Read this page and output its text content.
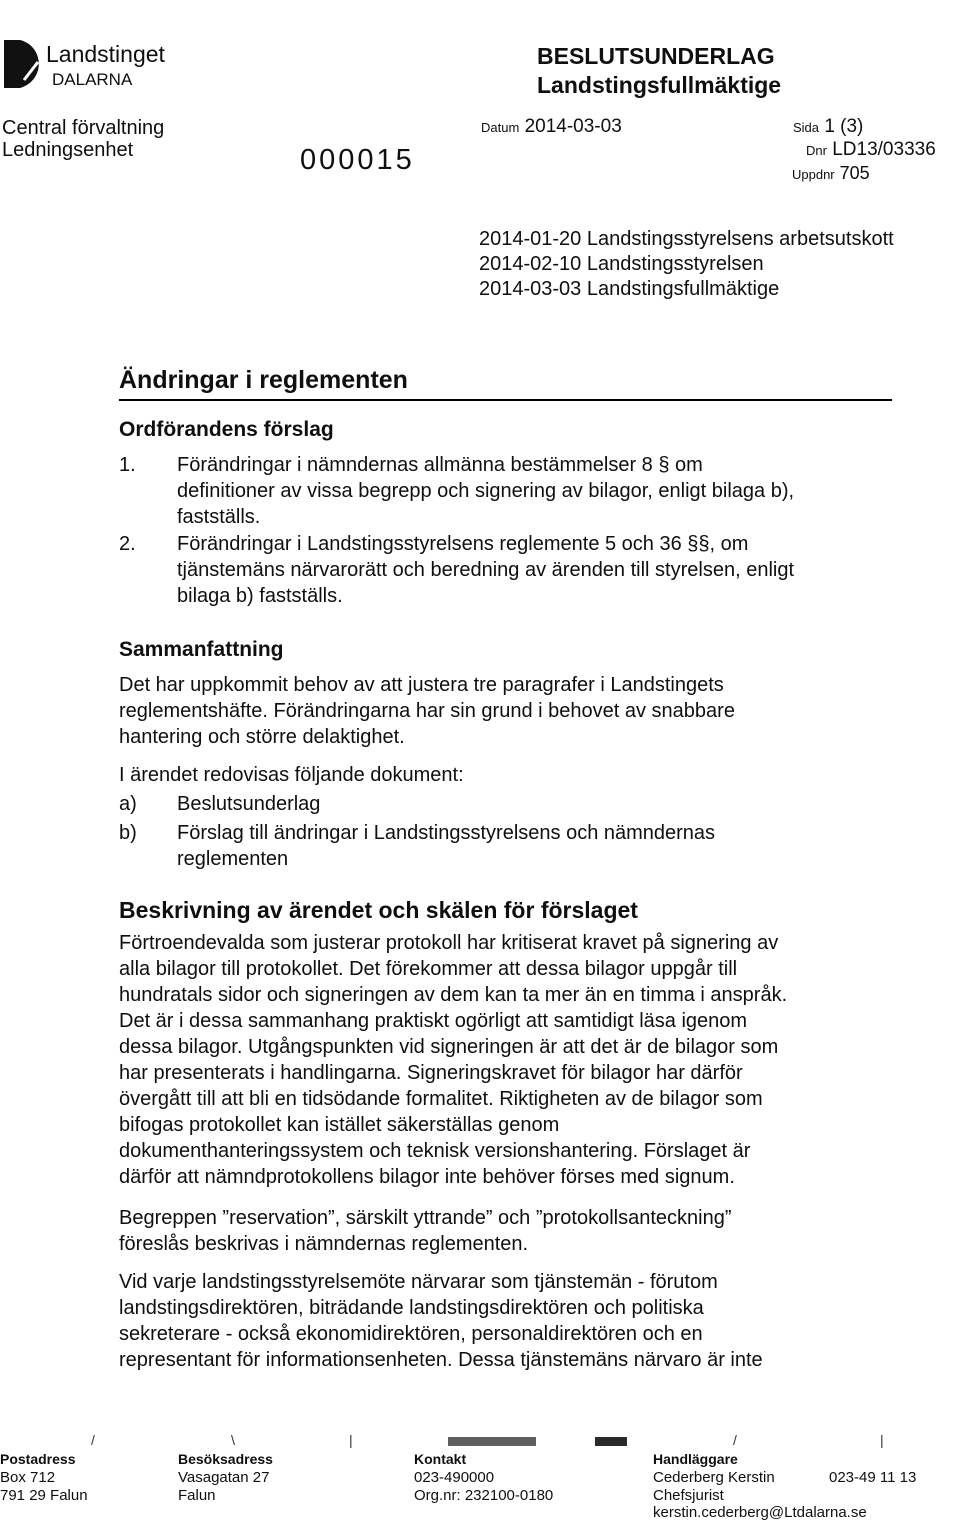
Landstinget
DALARNA
Central förvaltning
Ledningsenhet	000015
BESLUTSUNDERLAG
Landstingsfullmäktige
Datum 2014-03-03	Sida 1 (3)
Dnr LD13/03336
Uppdnr 705
2014-01-20 Landstingsstyrelsens arbetsutskott
2014-02-10 Landstingsstyrelsen
2014-03-03 Landstingsfullmäktige
Ändringar i reglementen
Ordförandens förslag
1. Förändringar i nämndernas allmänna bestämmelser 8 § om
definitioner av vissa begrepp och signering av bilagor, enligt bilaga b),
fastställs.
2. Förändringar i Landstingsstyrelsens reglemente 5 och 36 §§, om
tjänstemäns närvarorätt och beredning av ärenden till styrelsen, enligt
bilaga b) fastställs.
Sammanfattning
Det har uppkommit behov av att justera tre paragrafer i Landstingets
reglementshäfte. Förändringarna har sin grund i behovet av snabbare
hantering och större delaktighet.
I ärendet redovisas följande dokument:
a) Beslutsunderlag
b) Förslag till ändringar i Landstingsstyrelsens och nämndernas
reglementen
Beskrivning av ärendet och skälen för förslaget
Förtroendevalda som justerar protokoll har kritiserat kravet på signering av
alla bilagor till protokollet. Det förekommer att dessa bilagor uppgår till
hundratals sidor och signeringen av dem kan ta mer än en timma i anspråk.
Det är i dessa sammanhang praktiskt ogörligt att samtidigt läsa igenom
dessa bilagor. Utgångspunkten vid signeringen är att det är de bilagor som
har presenterats i handlingarna. Signeringskravet för bilagor har därför
övergått till att bli en tidsödande formalitet. Riktigheten av de bilagor som
bifogas protokollet kan istället säkerställas genom
dokumenthanteringssystem och teknisk versionshantering. Förslaget är
därför att nämndprotokollens bilagor inte behöver förses med signum.
Begreppen ”reservation”, särskilt yttrande” och ”protokollsanteckning”
föreslås beskrivas i nämndernas reglementen.
Vid varje landstingsstyrelsemöte närvarar som tjänstemän - förutom
landstingsdirektören, biträdande landstingsdirektören och politiska
sekreterare - också ekonomidirektören, personaldirektören och en
representant för informationsenheten. Dessa tjänstemäns närvaro är inte
/	\	|	/	|
Postadress
Box 712
791 29 Falun
Besöksadress
Vasagatan 27
Falun
Kontakt
023-490000
Org.nr: 232100-0180
Handläggare
Cederberg Kerstin	023-49 11 13
Chefsjurist
kerstin.cederberg@Ltdalarna.se
